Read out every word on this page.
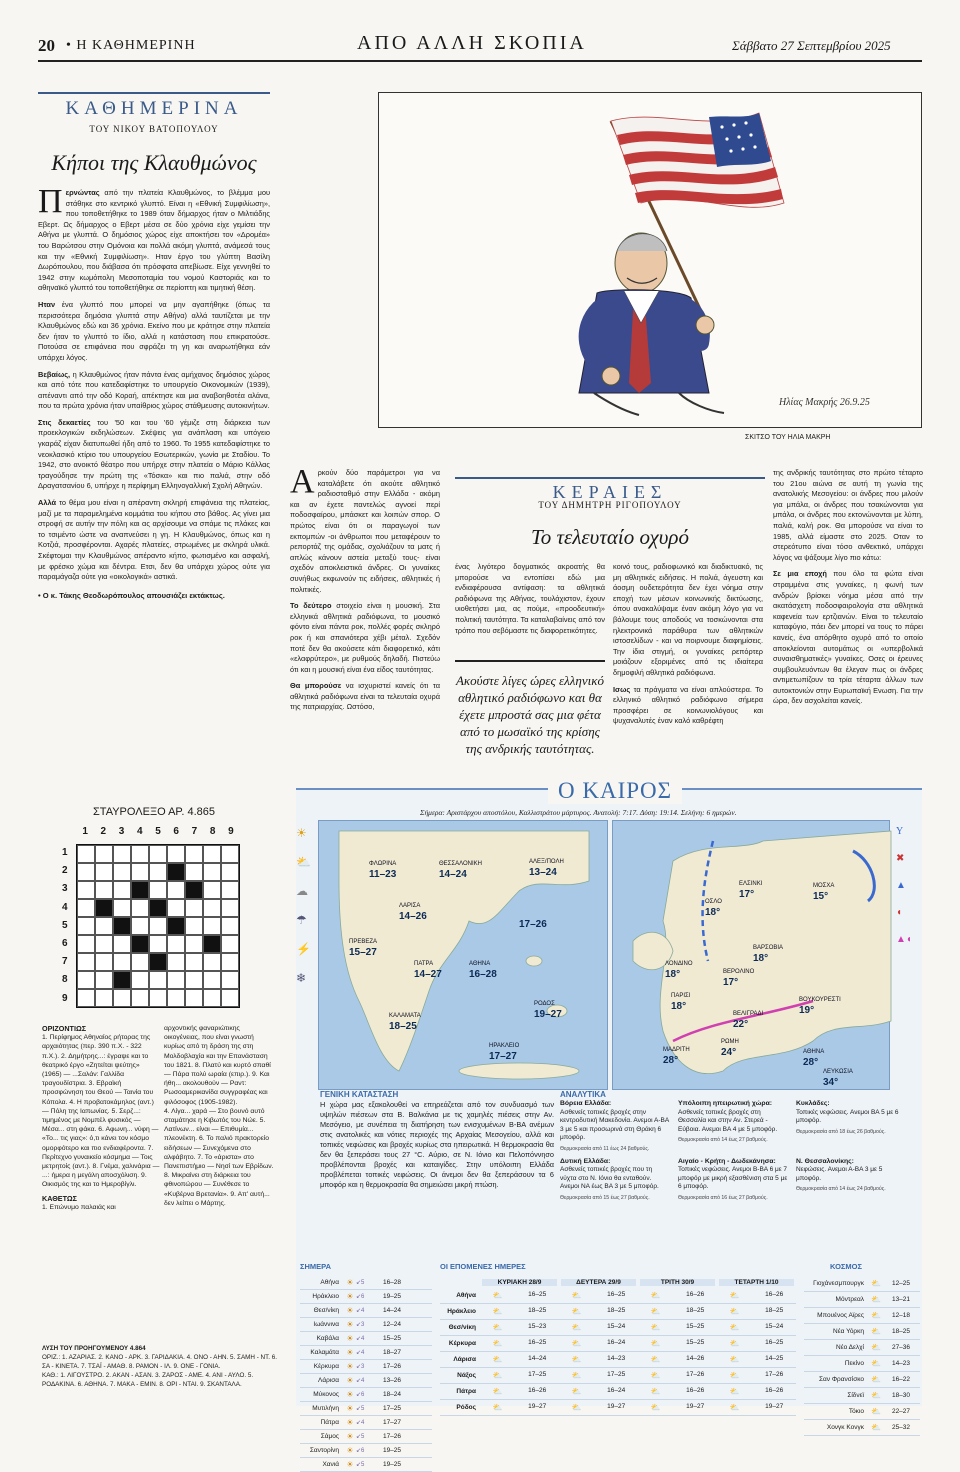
20 • Η ΚΑΘΗΜΕΡΙΝΗ	ΑΠΟ ΑΛΛΗ ΣΚΟΠΙΑ	Σάββατο 27 Σεπτεμβρίου 2025
ΚΑΘΗΜΕΡΙΝΑ
ΤΟΥ ΝΙΚΟΥ ΒΑΤΟΠΟΥΛΟΥ
Κήποι της Κλαυθμώνος

Περνώντας από την πλατεία Κλαυθμώνος, το βλέμμα μου στάθηκε στο κεντρικό γλυπτό. Είναι η «Εθνική Συμφιλίωση», που τοποθετήθηκε το 1989 όταν δήμαρχος ήταν ο Μιλτιάδης Εβερτ. Ως δήμαρχος ο Εβερτ μέσα σε δύο χρόνια είχε γεμίσει την Αθήνα με γλυπτά. Ο δημόσιος χώρος είχε αποκτήσει τον «Δρομέα» του Βαρώτσου στην Ομόνοια και πολλά ακόμη γλυπτά, ανάμεσά τους και την «Εθνική Συμφιλίωση». Ηταν έργο του γλύπτη Βασίλη Δωρόπουλου, που διάβασα ότι πρόσφατα απεβίωσε. Είχε γεννηθεί το 1942 στην κωμόπολη Μεσοποταμία του νομού Καστοριάς και το αθηναϊκό γλυπτό του τοποθετήθηκε σε περίοπτη και τιμητική θέση.

Ηταν ένα γλυπτό που μπορεί να μην αγαπήθηκε (όπως τα περισσότερα δημόσια γλυπτά στην Αθήνα) αλλά ταυτίζεται με την Κλαυθμώνος εδώ και 36 χρόνια. Εκείνο που με κράτησε στην πλατεία δεν ήταν το γλυπτό το ίδιο, αλλά η κατάσταση που επικρατούσε. Ποτούσα σε επιφάνεια που σφράζει τη γη και αναρωτήθηκα εάν υπάρχει λόγος.

Βεβαίως, η Κλαυθμώνος ήταν πάντα ένας αμήχανος δημόσιος χώρος και από τότε που κατεδαφίστηκε το υπουργείο Οικονομικών (1939), απέναντι από την οδό Κοραή, απέκτησε και μια αναβοηθοτέα αλάνα, που τα πρώτα χρόνια ήταν υπαίθριος χώρος στάθμευσης αυτοκινήτων.

Στις δεκαετίες του '50 και του '60 γέμιζε στη διάρκεια των προεκλογικών εκδηλώσεων. Σκέψεις για ανάπλαση και υπόγειο γκαράζ είχαν διατυπωθεί ήδη από το 1960. Το 1955 κατεδαφίστηκε το νεοκλασικό κτίριο του υπουργείου Εσωτερικών, γωνία με Σταδίου. Το 1942, στο ανοικτό θέατρο που υπήρχε στην πλατεία ο Μάριο Κάλλας τραγούδησε την πρώτη της «Τόσκα» και πιο παλιά, στην οδό Δραγατσανίου 6, υπήρχε η περίφημη Ελληνογαλλική Σχολή Αθηνών.

Αλλά το θέμα μου είναι η απέραντη σκληρή επιφάνεια της πλατείας, μαζί με τα παραμελημένα κομμάτια του κήπου στο βάθος. Ας γίνει μια στροφή σε αυτήν την πόλη και ας αρχίσουμε να σπάμε τις πλάκες και το τσιμέντο ώστε να αναπνεύσει η γη. Η Κλαυθμώνος, όπως και η Κοτζιά, προσφέρονται. Αχαρές πλατείες, στρωμένες με σκληρά υλικά. Σκέφτομαι την Κλαυθμώνος απέραντο κήπο, φωτισμένο και ασφαλή, με φρέσκο χώμα και δέντρα. Ετσι, δεν θα υπάρχει χώρος ούτε για παραμάγαζα ούτε για «οικολογικά» αστικά.

• Ο κ. Τάκης Θεοδωρόπουλος απουσιάζει εκτάκτως.
Ηλίας Μακρής 26.9.25
ΣΚΙΤΣΟ ΤΟΥ ΗΛΙΑ ΜΑΚΡΗ

Αρκούν δύο παράμετροι για να καταλάβετε ότι ακούτε αθλητικό ραδιοσταθμό στην Ελλάδα - ακόμη και αν έχετε παντελώς αγνοεί περί ποδοσφαίρου, μπάσκετ και λοιπών σπορ. Ο πρώτος είναι ότι οι παραγωγοί των εκπομπών -οι άνθρωποι που μεταφέρουν το ρεπορτάζ της ομάδας, σχολιάζουν τα ματς ή απλώς κάνουν αστεία μεταξύ τους- είναι σχεδόν αποκλειστικά άνδρες. Οι γυναίκες συνήθως εκφωνούν τις ειδήσεις, αθλητικές ή πολιτικές.

Το δεύτερο στοιχείο είναι η μουσική. Στα ελληνικά αθλητικά ραδιόφωνα, το μουσικό φόντο είναι πάντα ροκ, πολλές φορές σκληρό ροκ ή και σπανιότερα χέβι μέταλ. Σχεδόν ποτέ δεν θα ακούσετε κάτι διαφορετικό, κάτι «ελαφρύτερο», με ρυθμούς δηλαδή. Πιστεύω ότι και η μουσική είναι ένα είδος ταυτότητας.

Θα μπορούσε να ισχυριστεί κανείς ότι τα αθλητικά ραδιόφωνα είναι τα τελευταία οχυρά της πατριαρχίας. Ωστόσο,

ΚΕΡΑΙΕΣ
ΤΟΥ ΔΗΜΗΤΡΗ ΡΙΓΟΠΟΥΛΟΥ
Το τελευταίο οχυρό

ένας λιγότερο δογματικός ακροατής θα μπορούσε να εντοπίσει εδώ μια ενδιαφέρουσα αντίφαση: τα αθλητικά ραδιόφωνα της Αθήνας, τουλάχιστον, έχουν υιοθετήσει μια, ας πούμε, «προοδευτική» πολιτική ταυτότητα. Τα καταλαβαίνεις από τον τρόπο που σεβόμαστε τις διαφορετικότητες.

Ακούστε λίγες ώρες ελληνικό αθλητικό ραδιόφωνο και θα έχετε μπροστά σας μια φέτα από το μωσαϊκό της κρίσης της ανδρικής ταυτότητας.

κοινό τους, ραδιοφωνικό και διαδικτυακό, τις μη αθλητικές ειδήσεις. Η πολιά, άγευστη και άοσμη ουδετερότητα δεν έχει νόημα στην εποχή των μέσων κοινωνικής δικτύωσης, όπου ανακαλύψαμε έναν ακόμη λόγο για να βάλουμε τους αποδούς να τοσκώνονται στα ηλεκτρονικά παράθυρα των αθλητικών ιστοσελίδων - και να ποιρνουμε διαφημίσεις. Την ίδια στιγμή, οι γυναίκες ρεπόρτερ μοιάζουν εξοριμένες από τις ιδιαίτερα δημοφιλή αθλητικά ραδιόφωνα.

Ισως τα πράγματα να είναι απλούστερα. Το ελληνικό αθλητικό ραδιόφωνο σήμερα προσφέρει σε κοινωνιολόγους και ψυχαναλυτές έναν καλό καθρέφτη

της ανδρικής ταυτότητας στο πρώτο τέταρτο του 21ου αιώνα σε αυτή τη γωνία της ανατολικής Μεσογείου: οι άνδρες που μιλούν για μπάλα, οι άνδρες που τσακώνονται για μπάλα, οι άνδρες που εκτονώνονται με λύπη, παλιά, καλή ροκ. Θα μπορούσε να είναι το 1985, αλλά είμαστε στο 2025. Οταν το στερεότυπο είναι τόσο ανθεκτικό, υπάρχει λόγος να ψάξουμε λίγο πιο κάτω:

Σε μια εποχή που όλο τα φώτα είναι στραμμένα στις γυναίκες, η φωνή των ανδρών βρίσκει νόημα μέσα από την ακατάσχετη ποδοσφαιρολογία στα αθλητικά καφενεία των ερτζιανών. Είναι το τελευταίο καταφύγιο, πάει δεν μπορεί να τους το πάρει κανείς, ένα απόρθητο οχυρό από το οποίο αποκλείονται αυτομάτως οι «υπερβολικά συναισθηματικές» γυναίκες. Οσες οι έρευνες συμβουλευόντων θα έλεγαν πως οι άνδρες αντιμετωπίζουν τα τρία τέταρτα άλλων των αυτοκτονιών στην Ευρωπαϊκή Ενωση. Για την ώρα, δεν ασχολείται κανείς.

ΣΤΑΥΡΟΛΕΞΟ ΑΡ. 4.865
1 2 3 4 5 6 7 8 9
1
2
3
4
5
6
7
8
9
ΟΡΙΖΟΝΤΙΩΣ
1. Περίφημος Αθηναίος ρήτορας της αρχαιότητας (περ. 390 π.Χ. - 322 π.Χ.). 2. Δημήτρης...: έγραψε και το θεατρικό έργο «Ζητείται ψεύτης» (1965) — ...Σαλάν: Γαλλίδα τραγουδίστρια. 3. Εβραϊκή προσφώνηση του Θεού — Ταινία του Κόπολα. 4. Η προβατοκάμηλος (αντ.) — Πόλη της Ιαπωνίας. 5. Σερζ...: τιμημένος με Νομπέλ φυσικός — Μέσα... στη φάκα. 6. Αφωνη... νύφη — «Το... τις γιας»: ό,τι κάνει τον κόσμο ομορφότερο και πιο ενδιαφέροντα. 7. Περίτεχνο γυναικείο κόσμημα — Τοις μετρητοίς (αντ.). 8. Γνέμα, χαλινάρια — ...: ήμερα η μεγάλη αποσχόλιση. 9. Οικισμός της και το Ημεροβίγλι.
ΚΑΘΕΤΩΣ
1. Επώνυμο παλαιάς και
αρχοντικής φαναριώτικης οικογένειας, που είναι γνωστή κυρίως από τη δράση της στη Μολδοβλαχία και την Επανάσταση του 1821. 8. Πλατύ και κυρτό σπαθί — Πάρα πολύ ωραία (επιρ.). 9. Και ήθη... ακολουθούν — Ραντ: Ρωσοαμερικανίδα συγγραφέας και φιλόσοφος (1905-1982).
4. Λίγα... χαρά — Στο βουνό αυτό σταμάτησε η Κιβωτός του Νώε. 5. Λατίνων... είναι — Επιθυμία... πλεονέκτη. 6. Το παλιό πρακτορείο ειδήσεων — Συνεχόμενα στο αλφάβητο. 7. Το «άριστα» στο Πανεπιστήμιο — Νησί των Εβρίδων. 8. Μικραίνει στη διάρκεια του φθινοπώρου — Συνέθεσε το «Κυβέρνα Βρετανία». 9. Απ' αυτή... δεν λείπει ο Μάρτης.
ΛΥΣΗ ΤΟΥ ΠΡΟΗΓΟΥΜΕΝΟΥ 4.864
ΟΡΙΖ.: 1. ΑΖΑΡΙΑΣ. 2. ΚΑΝΟ - ΑΡΚ. 3. ΓΑΡΙΔΑΚΙΑ. 4. ΟΝΟ - ΑΗΝ. 5. ΣΑΜΗ - ΝΤ. 6. ΣΑ - ΚΙΝΕΤΑ. 7. ΤΣΑΪ - ΑΜΑΘ. 8. ΡΑΜΟΝ - ΙΛ. 9. ΟΝΕ - ΓΟΝΙΑ.
ΚΑΘ.: 1. ΛΙΓΟΥΣΤΡΟ. 2. ΑΚΑΝ - ΑΣΑΝ. 3. ΖΑΡΟΣ - ΑΜΕ. 4. ΑΝΙ - ΑΥΛΟ. 5. ΡΟΔΑΚΙΝΑ. 6. ΑΘΗΝΑ. 7. ΜΑΚΑ - ΕΜΙΝ. 8. ΟΡΙ - ΝΤΑΙ. 9. ΣΚΑΝΤΑΛΑ.
Ο ΚΑΙΡΟΣ
Σήμερα: Αριστάρχου αποστόλου, Καλλιστράτου μάρτυρος. Ανατολή: 7:17. Δύση: 19:14. Σελήνη: 6 ημερών.
ΦΛΩΡΙΝΑ
11–23
ΘΕΣΣΑΛΟΝΙΚΗ
14–24
ΑΛΕΞ/ΠΟΛΗ
13–24
ΛΑΡΙΣΑ
14–26
ΠΡΕΒΕΖΑ
15–27
ΠΑΤΡΑ
14–27
ΑΘΗΝΑ
16–28
ΚΑΛΑΜΑΤΑ
18–25
ΡΟΔΟΣ
19–27
ΗΡΑΚΛΕΙΟ
17–27
17–26
ΕΛΣΙΝΚΙ
17°
ΜΟΣΧΑ
15°
ΟΣΛΟ
18°
ΛΟΝΔΙΝΟ
18°
ΒΑΡΣΟΒΙΑ
18°
ΒΕΡΟΛΙΝΟ
17°
ΠΑΡΙΣΙ
18°
ΒΟΥΚΟΥΡΕΣΤΙ
19°
ΒΕΛΙΓΡΑΔΙ
22°
ΡΩΜΗ
24°
ΜΑΔΡΙΤΗ
28°
ΑΘΗΝΑ
28°
ΛΕΥΚΩΣΙΑ
34°
☀
⛅
☁
☂
⚡
❄
Y
✖
▲
◖
▲◖
ΓΕΝΙΚΗ ΚΑΤΑΣΤΑΣΗ
Η χώρα μας εξακολουθεί να επηρεάζεται από τον συνδυασμό των υψηλών πιέσεων στα Β. Βαλκάνια με τις χαμηλές πιέσεις στην Αν. Μεσόγειο, με συνέπεια τη διατήρηση των ενισχυμένων Β-ΒΑ ανέμων στις ανατολικές και νότιες περιοχές της Αρχαίας Μεσογείου, αλλά και τοπικές νεφώσεις και βροχές κυρίως στα ηπειρωτικά. Η θερμοκρασία θα δεν θα ξεπεράσει τους 27 °C. Αύριο, σε Ν. Ιόνιο και Πελοπόννησο προβλέπονται βροχές και καταιγίδες. Στην υπόλοιπη Ελλάδα προβλέπεται τοπικές νεφώσεις. Οι άνεμοι δεν θα ξεπεράσουν τα 6 μποφόρ και η θερμοκρασία θα σημειώσει μικρή πτώση.
ΑΝΑΛΥΤΙΚΑ
Βόρεια Ελλάδα:
Ασθενείς τοπικές βροχές στην κεντροδυτική Μακεδονία. Ανεμοι Α-ΒΑ 3 με 5 και προσωρινά στη Θράκη 6 μποφόρ.
Θερμοκρασία από 11 έως 24 βαθμούς.
Υπόλοιπη ηπειρωτική χώρα:
Ασθενείς τοπικές βροχές στη Θεσσαλία και στην Αν. Στερεά - Εύβοια. Ανεμοι ΒΑ 4 με 5 μποφόρ.
Θερμοκρασία από 14 έως 27 βαθμούς.
Κυκλάδες:
Τοπικές νεφώσεις. Ανεμοι ΒΑ 5 με 6 μποφόρ.
Θερμοκρασία από 18 έως 26 βαθμούς.
Δυτική Ελλάδα:
Ασθενείς τοπικές βροχές που τη νύχτα στο Ν. Ιόνιο θα ενταθούν. Ανεμοι ΝΑ έως ΒΑ 3 με 5 μποφόρ.
Θερμοκρασία από 15 έως 27 βαθμούς.
Αιγαίο - Κρήτη - Δωδεκάνησα:
Τοπικές νεφώσεις. Ανεμοι Β-ΒΑ 6 με 7 μποφόρ με μικρή εξασθένιση στα 5 με 6 μποφόρ.
Θερμοκρασία από 16 έως 27 βαθμούς.
Ν. Θεσσαλονίκης:
Νεφώσεις. Ανεμοι Α-ΒΑ 3 με 5 μποφόρ.
Θερμοκρασία από 14 έως 24 βαθμούς.
ΣΗΜΕΡΑ	ΟΙ ΕΠΟΜΕΝΕΣ ΗΜΕΡΕΣ	ΚΟΣΜΟΣ
Αθήνα ☀ ↙5	16–28
Ηράκλειο ☀ ↙6	19–25
Θεσ/νίκη ☀ ↙4	14–24
Ιωάννινα ☀ ↙3	12–24
Καβάλα ☀ ↙4	15–25
Καλαμάτα ☀ ↙4	18–27
Κέρκυρα ☀ ↙3	17–26
Λάρισα ☀ ↙4	13–26
Μύκονος ☀ ↙6	18–24
Μυτιλήνη ☀ ↙5	17–25
Πάτρα ☀ ↙4	17–27
Σάμος ☀ ↙5	17–26
Σαντορίνη ☀ ↙6	19–25
Χανιά ☀ ↙5	19–25
ΚΥΡΙΑΚΗ 28/9	ΔΕΥΤΕΡΑ 29/9	ΤΡΙΤΗ 30/9	ΤΕΤΑΡΤΗ 1/10
Αθήνα	⛅	16–25	⛅	16–25	⛅	16–26	⛅	16–26
Ηράκλειο	⛅	18–25	⛅	18–25	⛅	18–25	⛅	18–25
Θεσ/νίκη	⛅	15–23	⛅	15–24	⛅	15–25	⛅	15–24
Κέρκυρα	⛅	16–25	⛅	16–24	⛅	15–25	⛅	16–25
Λάρισα	⛅	14–24	⛅	14–23	⛅	14–26	⛅	14–25
Νάξος	⛅	17–25	⛅	17–25	⛅	17–26	⛅	17–26
Πάτρα	⛅	16–26	⛅	16–24	⛅	16–26	⛅	16–26
Ρόδος	⛅	19–27	⛅	19–27	⛅	19–27	⛅	19–27
Γιοχάνεσμπουργκ ⛅	12–25
Μόντρεαλ ⛅	13–21
Μπουένος Αϊρες ⛅	12–18
Νέα Υόρκη ⛅	18–25
Νέο Δελχί ⛅	27–36
Πεκίνο ⛅	14–23
Σαν Φρανσίσκο ⛅	16–22
Σίδνεϊ ⛅	18–30
Τόκιο ⛅	22–27
Χονγκ Κονγκ ⛅	25–32
